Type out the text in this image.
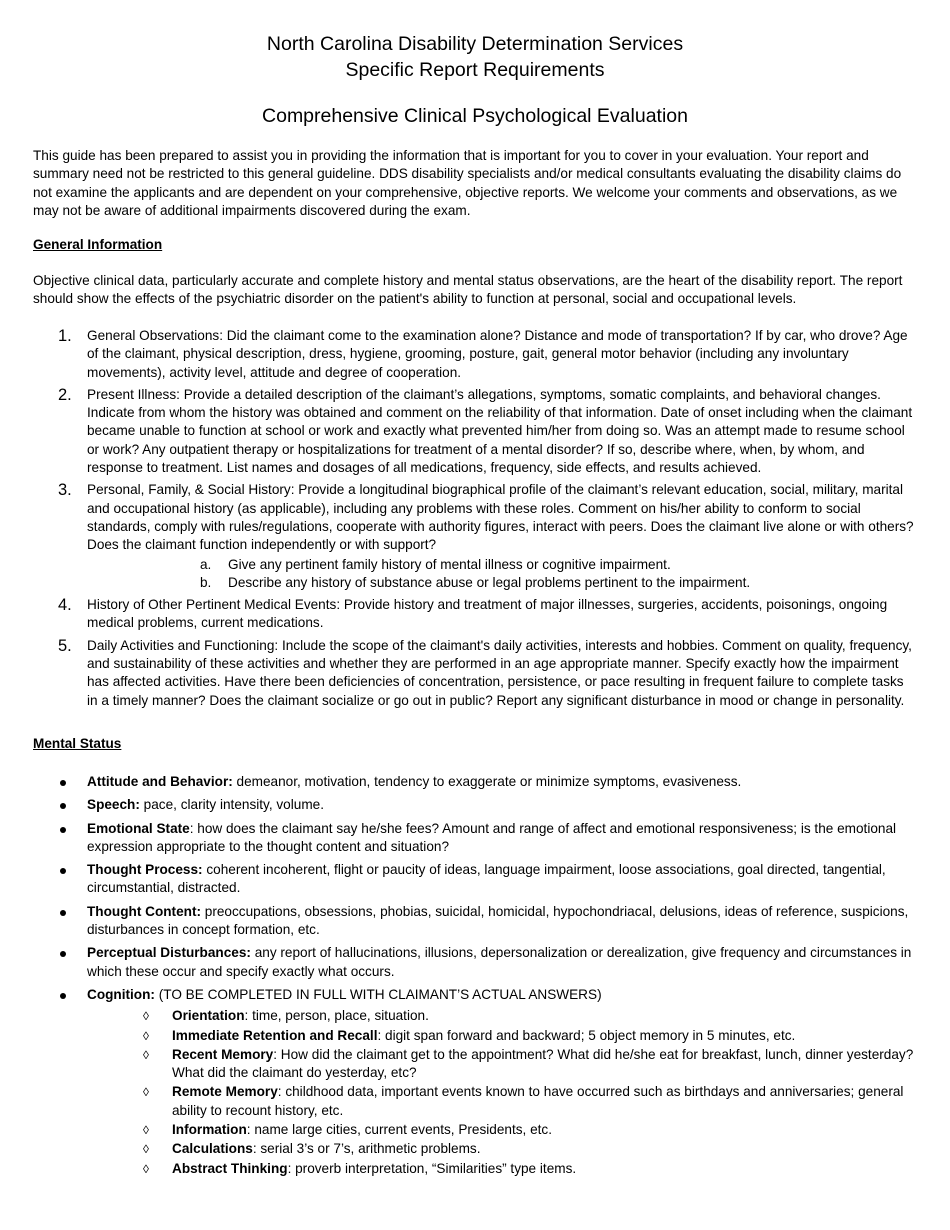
North Carolina Disability Determination Services
Specific Report Requirements
Comprehensive Clinical Psychological Evaluation
This guide has been prepared to assist you in providing the information that is important for you to cover in your evaluation. Your report and summary need not be restricted to this general guideline. DDS disability specialists and/or medical consultants evaluating the disability claims do not examine the applicants and are dependent on your comprehensive, objective reports. We welcome your comments and observations, as we may not be aware of additional impairments discovered during the exam.
General Information
Objective clinical data, particularly accurate and complete history and mental status observations, are the heart of the disability report. The report should show the effects of the psychiatric disorder on the patient's ability to function at personal, social and occupational levels.
1. General Observations: Did the claimant come to the examination alone? Distance and mode of transportation? If by car, who drove? Age of the claimant, physical description, dress, hygiene, grooming, posture, gait, general motor behavior (including any involuntary movements), activity level, attitude and degree of cooperation.
2. Present Illness: Provide a detailed description of the claimant’s allegations, symptoms, somatic complaints, and behavioral changes. Indicate from whom the history was obtained and comment on the reliability of that information. Date of onset including when the claimant became unable to function at school or work and exactly what prevented him/her from doing so. Was an attempt made to resume school or work? Any outpatient therapy or hospitalizations for treatment of a mental disorder? If so, describe where, when, by whom, and response to treatment. List names and dosages of all medications, frequency, side effects, and results achieved.
3. Personal, Family, & Social History: Provide a longitudinal biographical profile of the claimant’s relevant education, social, military, marital and occupational history (as applicable), including any problems with these roles. Comment on his/her ability to conform to social standards, comply with rules/regulations, cooperate with authority figures, interact with peers. Does the claimant live alone or with others? Does the claimant function independently or with support?
a. Give any pertinent family history of mental illness or cognitive impairment.
b. Describe any history of substance abuse or legal problems pertinent to the impairment.
4. History of Other Pertinent Medical Events: Provide history and treatment of major illnesses, surgeries, accidents, poisonings, ongoing medical problems, current medications.
5. Daily Activities and Functioning: Include the scope of the claimant's daily activities, interests and hobbies. Comment on quality, frequency, and sustainability of these activities and whether they are performed in an age appropriate manner. Specify exactly how the impairment has affected activities. Have there been deficiencies of concentration, persistence, or pace resulting in frequent failure to complete tasks in a timely manner? Does the claimant socialize or go out in public? Report any significant disturbance in mood or change in personality.
Mental Status
Attitude and Behavior: demeanor, motivation, tendency to exaggerate or minimize symptoms, evasiveness.
Speech: pace, clarity intensity, volume.
Emotional State: how does the claimant say he/she fees? Amount and range of affect and emotional responsiveness; is the emotional expression appropriate to the thought content and situation?
Thought Process: coherent incoherent, flight or paucity of ideas, language impairment, loose associations, goal directed, tangential, circumstantial, distracted.
Thought Content: preoccupations, obsessions, phobias, suicidal, homicidal, hypochondriacal, delusions, ideas of reference, suspicions, disturbances in concept formation, etc.
Perceptual Disturbances: any report of hallucinations, illusions, depersonalization or derealization, give frequency and circumstances in which these occur and specify exactly what occurs.
Cognition: (TO BE COMPLETED IN FULL WITH CLAIMANT’S ACTUAL ANSWERS)
◊ Orientation: time, person, place, situation.
◊ Immediate Retention and Recall: digit span forward and backward; 5 object memory in 5 minutes, etc.
◊ Recent Memory: How did the claimant get to the appointment? What did he/she eat for breakfast, lunch, dinner yesterday? What did the claimant do yesterday, etc?
◊ Remote Memory: childhood data, important events known to have occurred such as birthdays and anniversaries; general ability to recount history, etc.
◊ Information: name large cities, current events, Presidents, etc.
◊ Calculations: serial 3’s or 7’s, arithmetic problems.
◊ Abstract Thinking: proverb interpretation, “Similarities” type items.
